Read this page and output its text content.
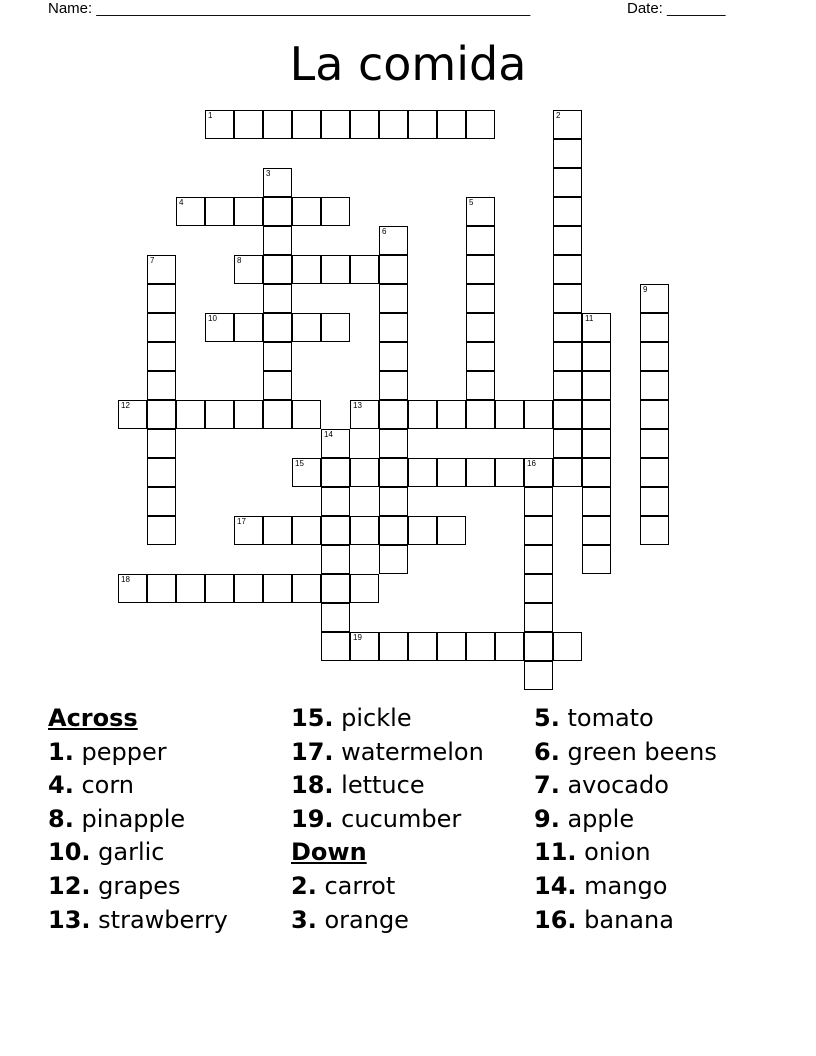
Name: ____________________________________________________	Date: _______
La comida
1
4
8
10
12	13
15	16
17
18
19
2
3
5
6
7
9
11
14
Across
1. pepper
4. corn
8. pinapple
10. garlic
12. grapes
13. strawberry
15. pickle
17. watermelon
18. lettuce
19. cucumber
Down
2. carrot
3. orange
5. tomato
6. green beens
7. avocado
9. apple
11. onion
14. mango
16. banana
